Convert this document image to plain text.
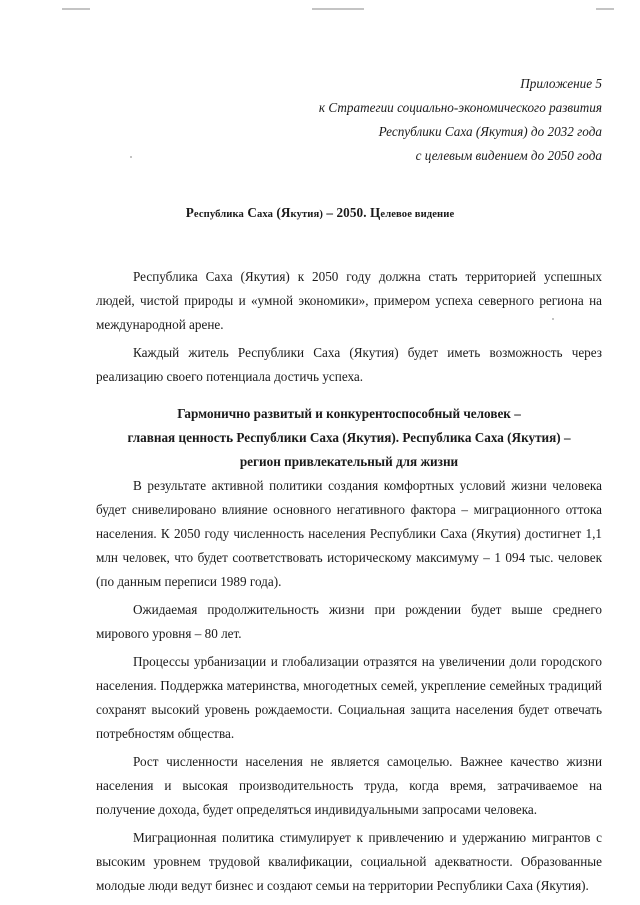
Приложение 5
к Стратегии социально-экономического развития
Республики Саха (Якутия) до 2032 года
с целевым видением до 2050 года
Республика Саха (Якутия) – 2050. Целевое видение

Республика Саха (Якутия) к 2050 году должна стать территорией успешных людей, чистой природы и «умной экономики», примером успеха северного региона на международной арене.

Каждый житель Республики Саха (Якутия) будет иметь возможность через реализацию своего потенциала достичь успеха.

Гармонично развитый и конкурентоспособный человек –
главная ценность Республики Саха (Якутия). Республика Саха (Якутия) –
регион привлекательный для жизни

В результате активной политики создания комфортных условий жизни человека будет снивелировано влияние основного негативного фактора – миграционного оттока населения. К 2050 году численность населения Республики Саха (Якутия) достигнет 1,1 млн человек, что будет соответствовать историческому максимуму – 1 094 тыс. человек (по данным переписи 1989 года).

Ожидаемая продолжительность жизни при рождении будет выше среднего мирового уровня – 80 лет.

Процессы урбанизации и глобализации отразятся на увеличении доли городского населения. Поддержка материнства, многодетных семей, укрепление семейных традиций сохранят высокий уровень рождаемости. Социальная защита населения будет отвечать потребностям общества.

Рост численности населения не является самоцелью. Важнее качество жизни населения и высокая производительность труда, когда время, затрачиваемое на получение дохода, будет определяться индивидуальными запросами человека.

Миграционная политика стимулирует к привлечению и удержанию мигрантов с высоким уровнем трудовой квалификации, социальной адекватности. Образованные молодые люди ведут бизнес и создают семьи на территории Республики Саха (Якутия).
